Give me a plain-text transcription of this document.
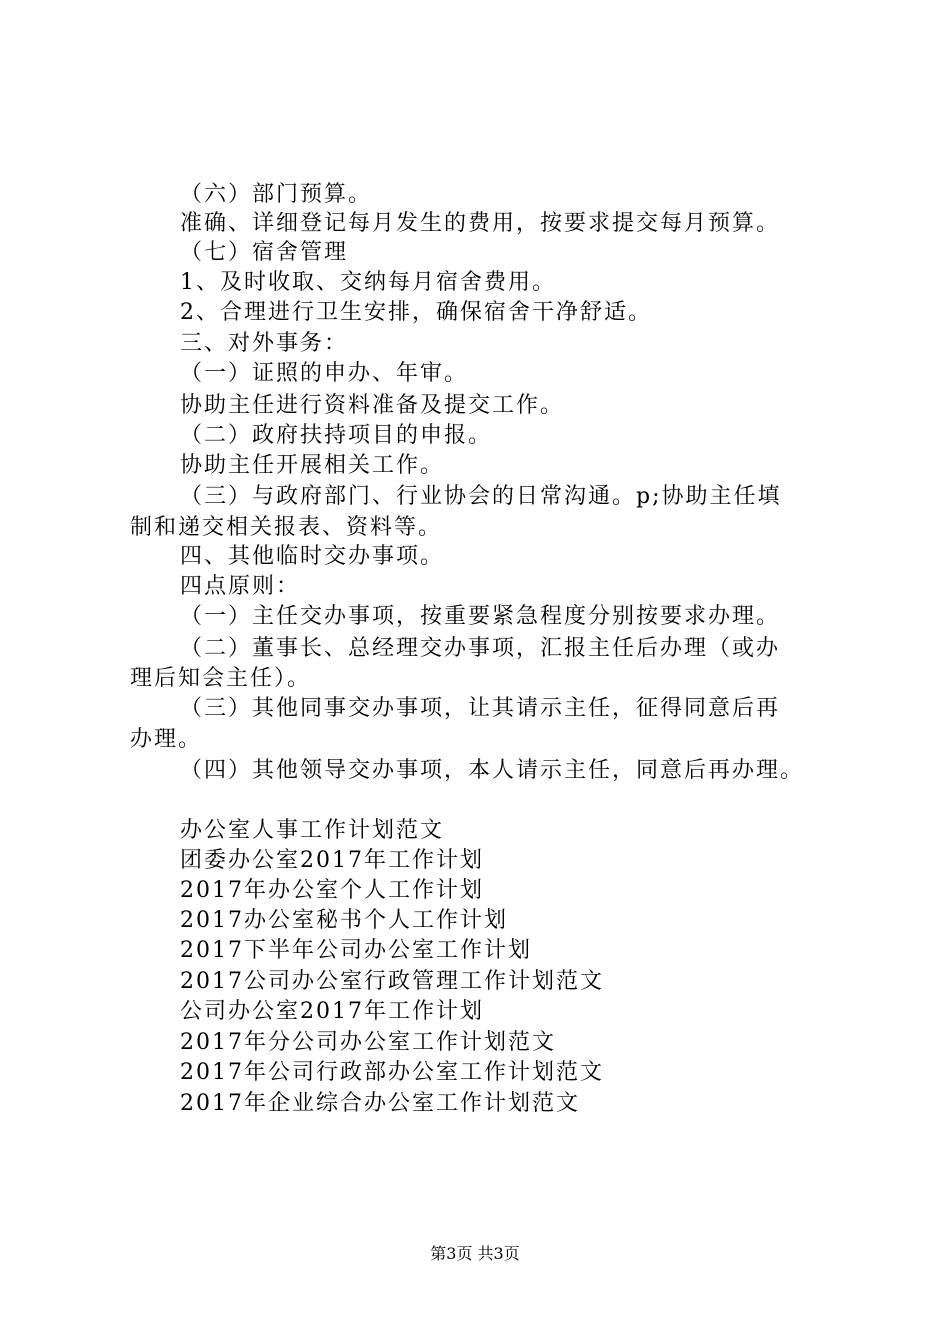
（六）部门预算。
准确、详细登记每月发生的费用，按要求提交每月预算。
（七）宿舍管理
1、及时收取、交纳每月宿舍费用。
2、合理进行卫生安排，确保宿舍干净舒适。
三、对外事务：
（一）证照的申办、年审。
协助主任进行资料准备及提交工作。
（二）政府扶持项目的申报。
协助主任开展相关工作。
（三）与政府部门、行业协会的日常沟通。p;协助主任填
制和递交相关报表、资料等。
四、其他临时交办事项。
四点原则：
（一）主任交办事项，按重要紧急程度分别按要求办理。
（二）董事长、总经理交办事项，汇报主任后办理（或办
理后知会主任）。
（三）其他同事交办事项，让其请示主任，征得同意后再
办理。
（四）其他领导交办事项，本人请示主任，同意后再办理。
办公室人事工作计划范文
团委办公室2017年工作计划
2017年办公室个人工作计划
2017办公室秘书个人工作计划
2017下半年公司办公室工作计划
2017公司办公室行政管理工作计划范文
公司办公室2017年工作计划
2017年分公司办公室工作计划范文
2017年公司行政部办公室工作计划范文
2017年企业综合办公室工作计划范文
第3页 共3页
